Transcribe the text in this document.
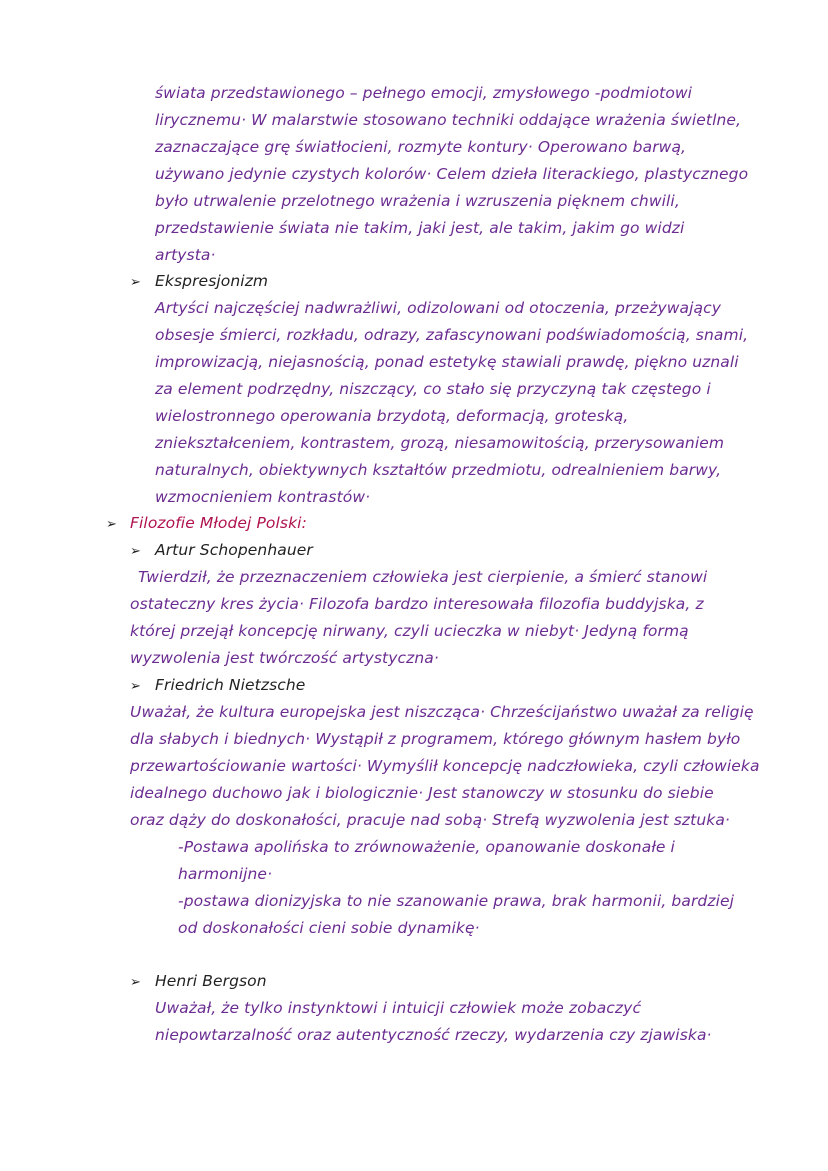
świata przedstawionego – pełnego emocji, zmysłowego -podmiotowi
lirycznemu· W malarstwie stosowano techniki oddające wrażenia świetlne,
zaznaczające grę światłocieni, rozmyte kontury· Operowano barwą,
używano jedynie czystych kolorów· Celem dzieła literackiego, plastycznego
było utrwalenie przelotnego wrażenia i wzruszenia pięknem chwili,
przedstawienie świata nie takim, jaki jest, ale takim, jakim go widzi
artysta·
➢ Ekspresjonizm
Artyści najczęściej nadwrażliwi, odizolowani od otoczenia, przeżywający
obsesje śmierci, rozkładu, odrazy, zafascynowani podświadomością, snami,
improwizacją, niejasnością, ponad estetykę stawiali prawdę, piękno uznali
za element podrzędny, niszczący, co stało się przyczyną tak częstego i
wielostronnego operowania brzydotą, deformacją, groteską,
zniekształceniem, kontrastem, grozą, niesamowitością, przerysowaniem
naturalnych, obiektywnych kształtów przedmiotu, odrealnieniem barwy,
wzmocnieniem kontrastów·
➢ Filozofie Młodej Polski:
➢ Artur Schopenhauer
Twierdził, że przeznaczeniem człowieka jest cierpienie, a śmierć stanowi
ostateczny kres życia· Filozofa bardzo interesowała filozofia buddyjska, z
której przejął koncepcję nirwany, czyli ucieczka w niebyt· Jedyną formą
wyzwolenia jest twórczość artystyczna·
➢ Friedrich Nietzsche
Uważał, że kultura europejska jest niszcząca· Chrześcijaństwo uważał za religię
dla słabych i biednych· Wystąpił z programem, którego głównym hasłem było
przewartościowanie wartości· Wymyślił koncepcję nadczłowieka, czyli człowieka
idealnego duchowo jak i biologicznie· Jest stanowczy w stosunku do siebie
oraz dąży do doskonałości, pracuje nad sobą· Strefą wyzwolenia jest sztuka·
-Postawa apolińska to zrównoważenie, opanowanie doskonałe i
harmonijne·
-postawa dionizyjska to nie szanowanie prawa, brak harmonii, bardziej
od doskonałości cieni sobie dynamikę·
➢ Henri Bergson
Uważał, że tylko instynktowi i intuicji człowiek może zobaczyć
niepowtarzalność oraz autentyczność rzeczy, wydarzenia czy zjawiska·
